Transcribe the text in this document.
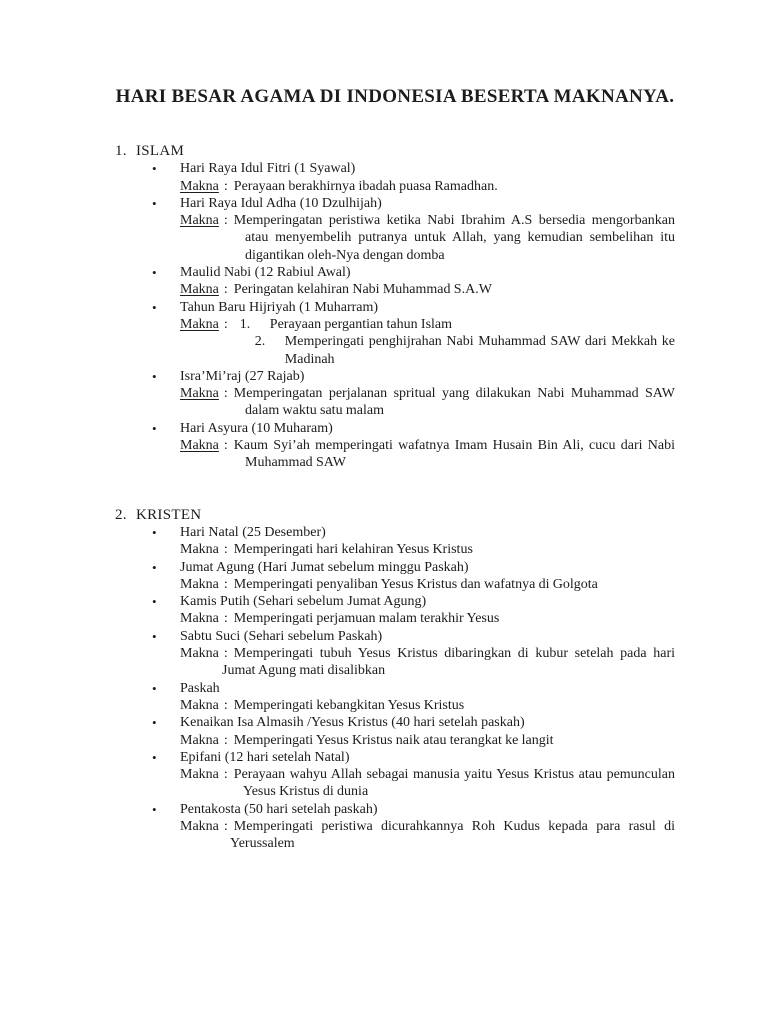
HARI BESAR AGAMA DI INDONESIA BESERTA MAKNANYA.
1. ISLAM
•	Hari Raya Idul Fitri (1 Syawal)
Makna : Perayaan berakhirnya ibadah puasa Ramadhan.
•	Hari Raya Idul Adha (10 Dzulhijah)
Makna : Memperingatan peristiwa ketika Nabi Ibrahim A.S bersedia mengorbankan atau menyembelih putranya untuk Allah, yang kemudian sembelihan itu digantikan oleh-Nya dengan domba
•	Maulid Nabi (12 Rabiul Awal)
Makna : Peringatan kelahiran Nabi Muhammad S.A.W
•	Tahun Baru Hijriyah (1 Muharram)
Makna : 1.	Perayaan pergantian tahun Islam
2.	Memperingati penghijrahan Nabi Muhammad SAW dari Mekkah ke Madinah
•	Isra’Mi’raj (27 Rajab)
Makna : Memperingatan perjalanan spritual yang dilakukan Nabi Muhammad SAW dalam waktu satu malam
•	Hari Asyura (10 Muharam)
Makna : Kaum Syi’ah memperingati wafatnya Imam Husain Bin Ali, cucu dari Nabi Muhammad SAW
2. KRISTEN
•	Hari Natal (25 Desember)
Makna : Memperingati hari kelahiran Yesus Kristus
•	Jumat Agung (Hari Jumat sebelum minggu Paskah)
Makna : Memperingati penyaliban Yesus Kristus dan wafatnya di Golgota
•	Kamis Putih (Sehari sebelum Jumat Agung)
Makna : Memperingati perjamuan malam terakhir Yesus
•	Sabtu Suci (Sehari sebelum Paskah)
Makna : Memperingati tubuh Yesus Kristus dibaringkan di kubur setelah pada hari Jumat Agung mati disalibkan
•	Paskah
Makna : Memperingati kebangkitan Yesus Kristus
•	Kenaikan Isa Almasih /Yesus Kristus (40 hari setelah paskah)
Makna : Memperingati Yesus Kristus naik atau terangkat ke langit
•	Epifani (12 hari setelah Natal)
Makna : Perayaan wahyu Allah sebagai manusia yaitu Yesus Kristus atau pemunculan Yesus Kristus di dunia
•	Pentakosta (50 hari setelah paskah)
Makna : Memperingati peristiwa dicurahkannya Roh Kudus kepada para rasul di Yerussalem
